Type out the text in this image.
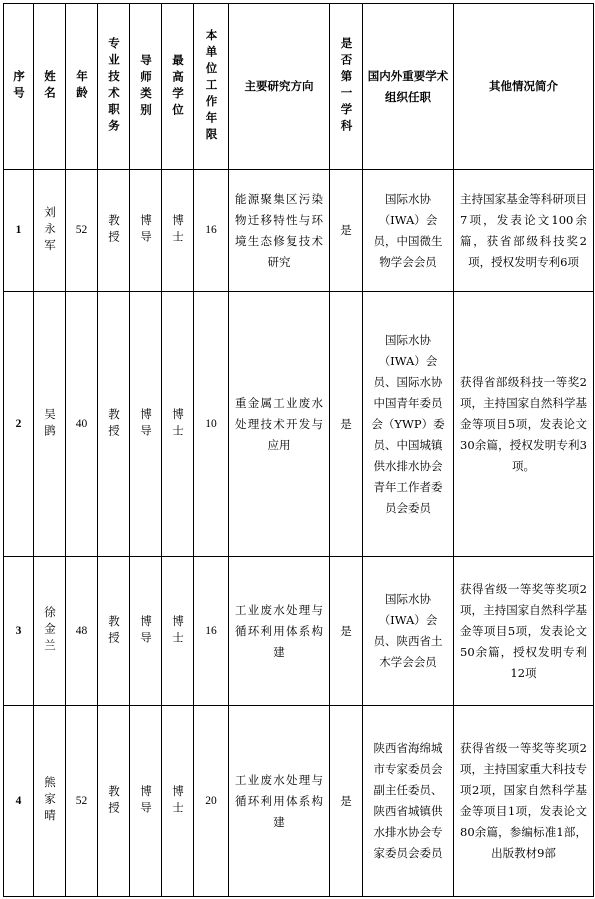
序号	姓名	年龄	专业技术职务	导师类别	最高学位	本单位工作年限	主要研究方向	是否第一学科	国内外重要学术组织任职	其他情况简介
1	刘永军	52	教授	博导	博士	16	能源聚集区污染物迁移特性与环境生态修复技术研究	是	国际水协（IWA）会员，中国微生物学会会员	主持国家基金等科研项目7项，发表论文100余篇，获省部级科技奖2项，授权发明专利6项

2	吴鹍	40	教授	博导	博士	10	重金属工业废水处理技术开发与应用	是	国际水协（IWA）会员、国际水协中国青年委员会（YWP）委员、中国城镇供水排水协会青年工作者委员会委员	获得省部级科技一等奖2项，主持国家自然科学基金等项目5项，发表论文30余篇，授权发明专利3项。

3	徐金兰	48	教授	博导	博士	16	工业废水处理与循环利用体系构建	是	国际水协（IWA）会员、陕西省土木学会会员	获得省级一等奖等奖项2项，主持国家自然科学基金等项目5项，发表论文50余篇，授权发明专利12项

4	熊家晴	52	教授	博导	博士	20	工业废水处理与循环利用体系构建	是	陕西省海绵城市专家委员会副主任委员、陕西省城镇供水排水协会专家委员会委员	获得省级一等奖等奖项2项，主持国家重大科技专项2项，国家自然科学基金等项目1项，发表论文80余篇，参编标准1部，出版教材9部
